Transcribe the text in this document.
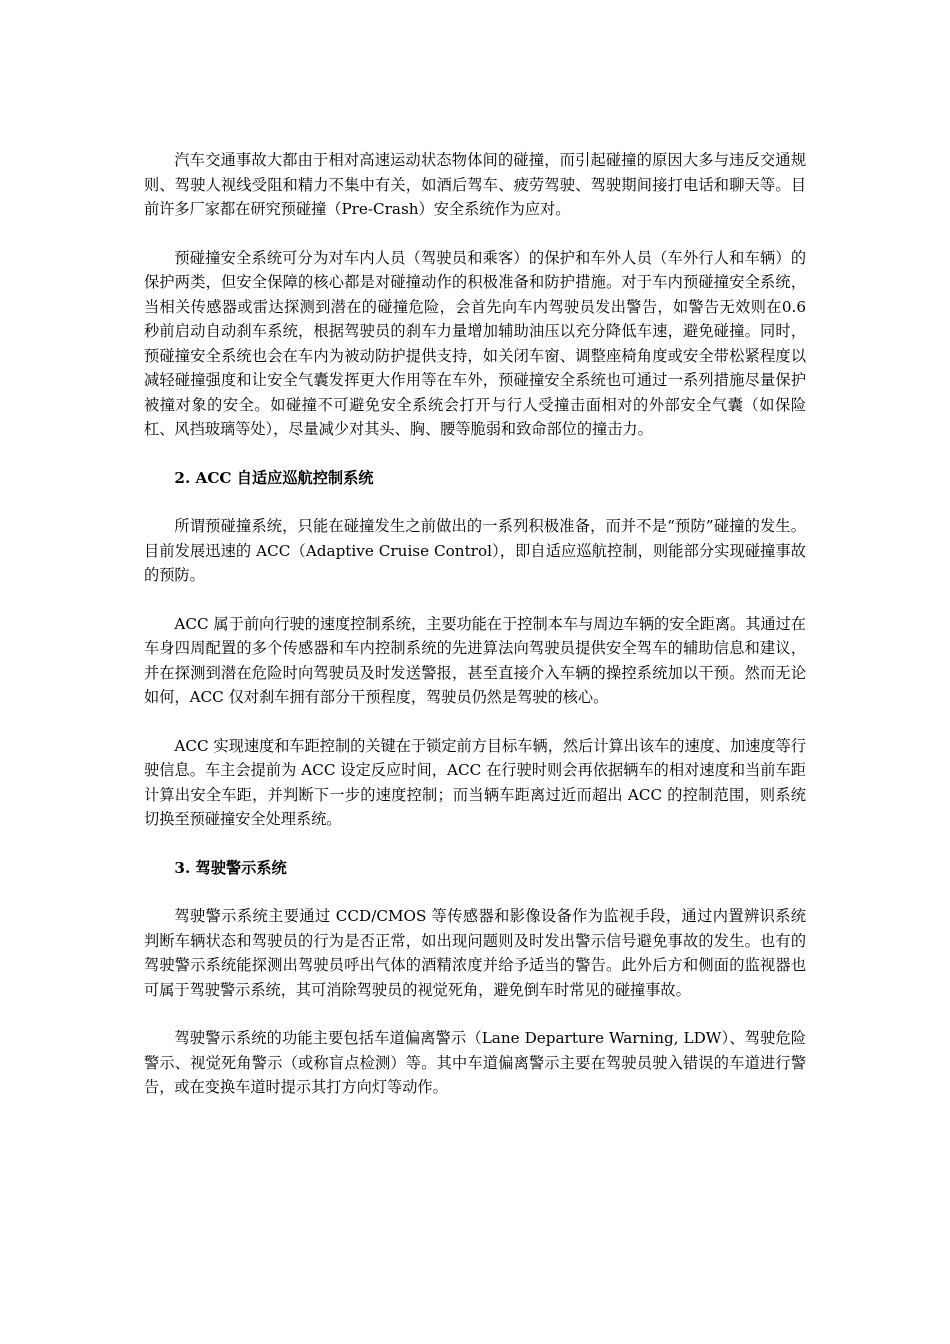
汽车交通事故大都由于相对高速运动状态物体间的碰撞，而引起碰撞的原因大多与违反交通规则、驾驶人视线受阻和精力不集中有关，如酒后驾车、疲劳驾驶、驾驶期间接打电话和聊天等。目前许多厂家都在研究预碰撞（Pre-Crash）安全系统作为应对。

预碰撞安全系统可分为对车内人员（驾驶员和乘客）的保护和车外人员（车外行人和车辆）的保护两类，但安全保障的核心都是对碰撞动作的积极准备和防护措施。对于车内预碰撞安全系统，当相关传感器或雷达探测到潜在的碰撞危险，会首先向车内驾驶员发出警告，如警告无效则在0.6秒前启动自动刹车系统，根据驾驶员的刹车力量增加辅助油压以充分降低车速，避免碰撞。同时，预碰撞安全系统也会在车内为被动防护提供支持，如关闭车窗、调整座椅角度或安全带松紧程度以减轻碰撞强度和让安全气囊发挥更大作用等在车外，预碰撞安全系统也可通过一系列措施尽量保护被撞对象的安全。如碰撞不可避免安全系统会打开与行人受撞击面相对的外部安全气囊（如保险杠、风挡玻璃等处），尽量减少对其头、胸、腰等脆弱和致命部位的撞击力。

2. ACC 自适应巡航控制系统

所谓预碰撞系统，只能在碰撞发生之前做出的一系列积极准备，而并不是“预防”碰撞的发生。目前发展迅速的 ACC（Adaptive Cruise Control），即自适应巡航控制，则能部分实现碰撞事故的预防。

ACC 属于前向行驶的速度控制系统，主要功能在于控制本车与周边车辆的安全距离。其通过在车身四周配置的多个传感器和车内控制系统的先进算法向驾驶员提供安全驾车的辅助信息和建议，并在探测到潜在危险时向驾驶员及时发送警报，甚至直接介入车辆的操控系统加以干预。然而无论如何，ACC 仅对刹车拥有部分干预程度，驾驶员仍然是驾驶的核心。

ACC 实现速度和车距控制的关键在于锁定前方目标车辆，然后计算出该车的速度、加速度等行驶信息。车主会提前为 ACC 设定反应时间，ACC 在行驶时则会再依据辆车的相对速度和当前车距计算出安全车距，并判断下一步的速度控制；而当辆车距离过近而超出 ACC 的控制范围，则系统切换至预碰撞安全处理系统。

3. 驾驶警示系统

驾驶警示系统主要通过 CCD/CMOS 等传感器和影像设备作为监视手段，通过内置辨识系统判断车辆状态和驾驶员的行为是否正常，如出现问题则及时发出警示信号避免事故的发生。也有的驾驶警示系统能探测出驾驶员呼出气体的酒精浓度并给予适当的警告。此外后方和侧面的监视器也可属于驾驶警示系统，其可消除驾驶员的视觉死角，避免倒车时常见的碰撞事故。

驾驶警示系统的功能主要包括车道偏离警示（Lane Departure Warning, LDW）、驾驶危险警示、视觉死角警示（或称盲点检测）等。其中车道偏离警示主要在驾驶员驶入错误的车道进行警告，或在变换车道时提示其打方向灯等动作。
